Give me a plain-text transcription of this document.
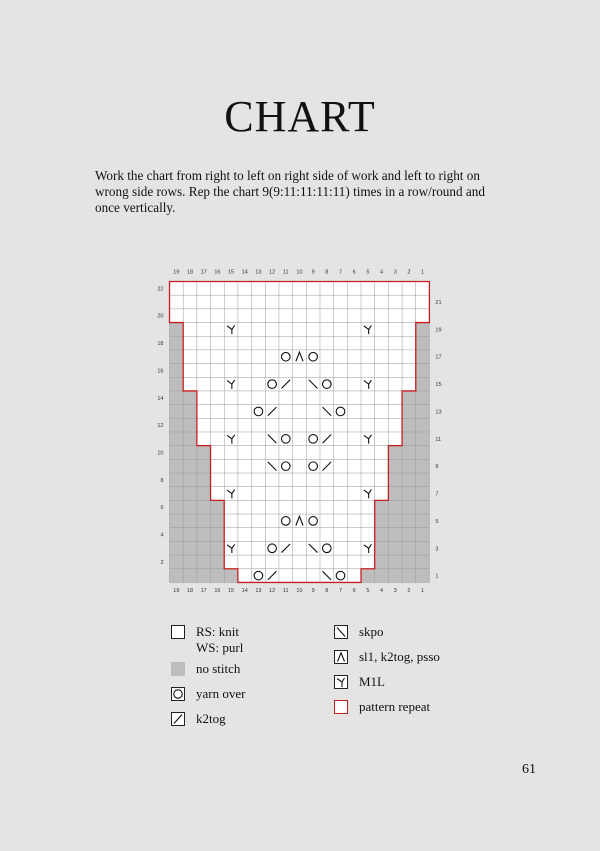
CHART
Work the chart from right to left on right side of work and left to right on wrong side rows. Rep the chart 9(9:11:11:11:11) times in a row/round and once vertically.
19
19
18
18
17
17
16
16
15
15
14
14
13
13
12
12
11
11
10
10
9
9
8
8
7
7
6
6
5
5
4
4
3
3
2
2
1
1
22
20
18
16
14
12
10
8
6
4
2
21
19
17
15
13
11
9
7
5
3
1
RS: knit
WS: purl
no stitch
yarn over
k2tog
skpo
sl1, k2tog, psso
M1L
pattern repeat
61
